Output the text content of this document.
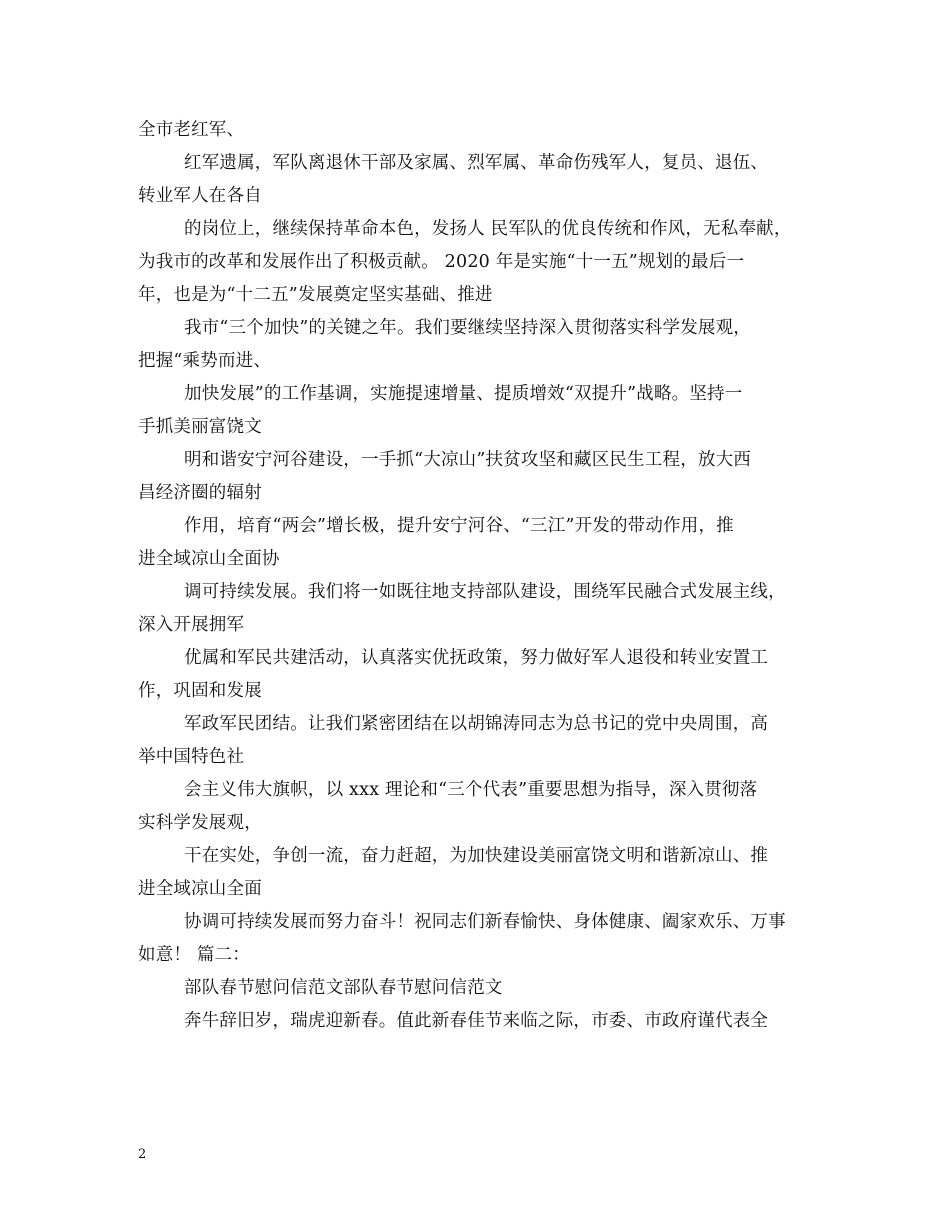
全市老红军、
红军遗属，军队离退休干部及家属、烈军属、革命伤残军人，复员、退伍、
转业军人在各自
的岗位上，继续保持革命本色，发扬人 民军队的优良传统和作风，无私奉献，
为我市的改革和发展作出了积极贡献。 2020 年是实施“十一五”规划的最后一
年，也是为“十二五”发展奠定坚实基础、推进
我市“三个加快”的关键之年。我们要继续坚持深入贯彻落实科学发展观，
把握“乘势而进、
加快发展”的工作基调，实施提速增量、提质增效“双提升”战略。坚持一
手抓美丽富饶文
明和谐安宁河谷建设，一手抓“大凉山”扶贫攻坚和藏区民生工程，放大西
昌经济圈的辐射
作用，培育“两会”增长极，提升安宁河谷、“三江”开发的带动作用，推
进全域凉山全面协
调可持续发展。我们将一如既往地支持部队建设，围绕军民融合式发展主线，
深入开展拥军
优属和军民共建活动，认真落实优抚政策，努力做好军人退役和转业安置工
作，巩固和发展
军政军民团结。让我们紧密团结在以胡锦涛同志为总书记的党中央周围，高
举中国特色社
会主义伟大旗帜，以 xxx 理论和“三个代表”重要思想为指导，深入贯彻落
实科学发展观，
干在实处，争创一流，奋力赶超，为加快建设美丽富饶文明和谐新凉山、推
进全域凉山全面
协调可持续发展而努力奋斗！祝同志们新春愉快、身体健康、阖家欢乐、万事
如意！ 篇二：
部队春节慰问信范文部队春节慰问信范文
奔牛辞旧岁，瑞虎迎新春。值此新春佳节来临之际，市委、市政府谨代表全
2
